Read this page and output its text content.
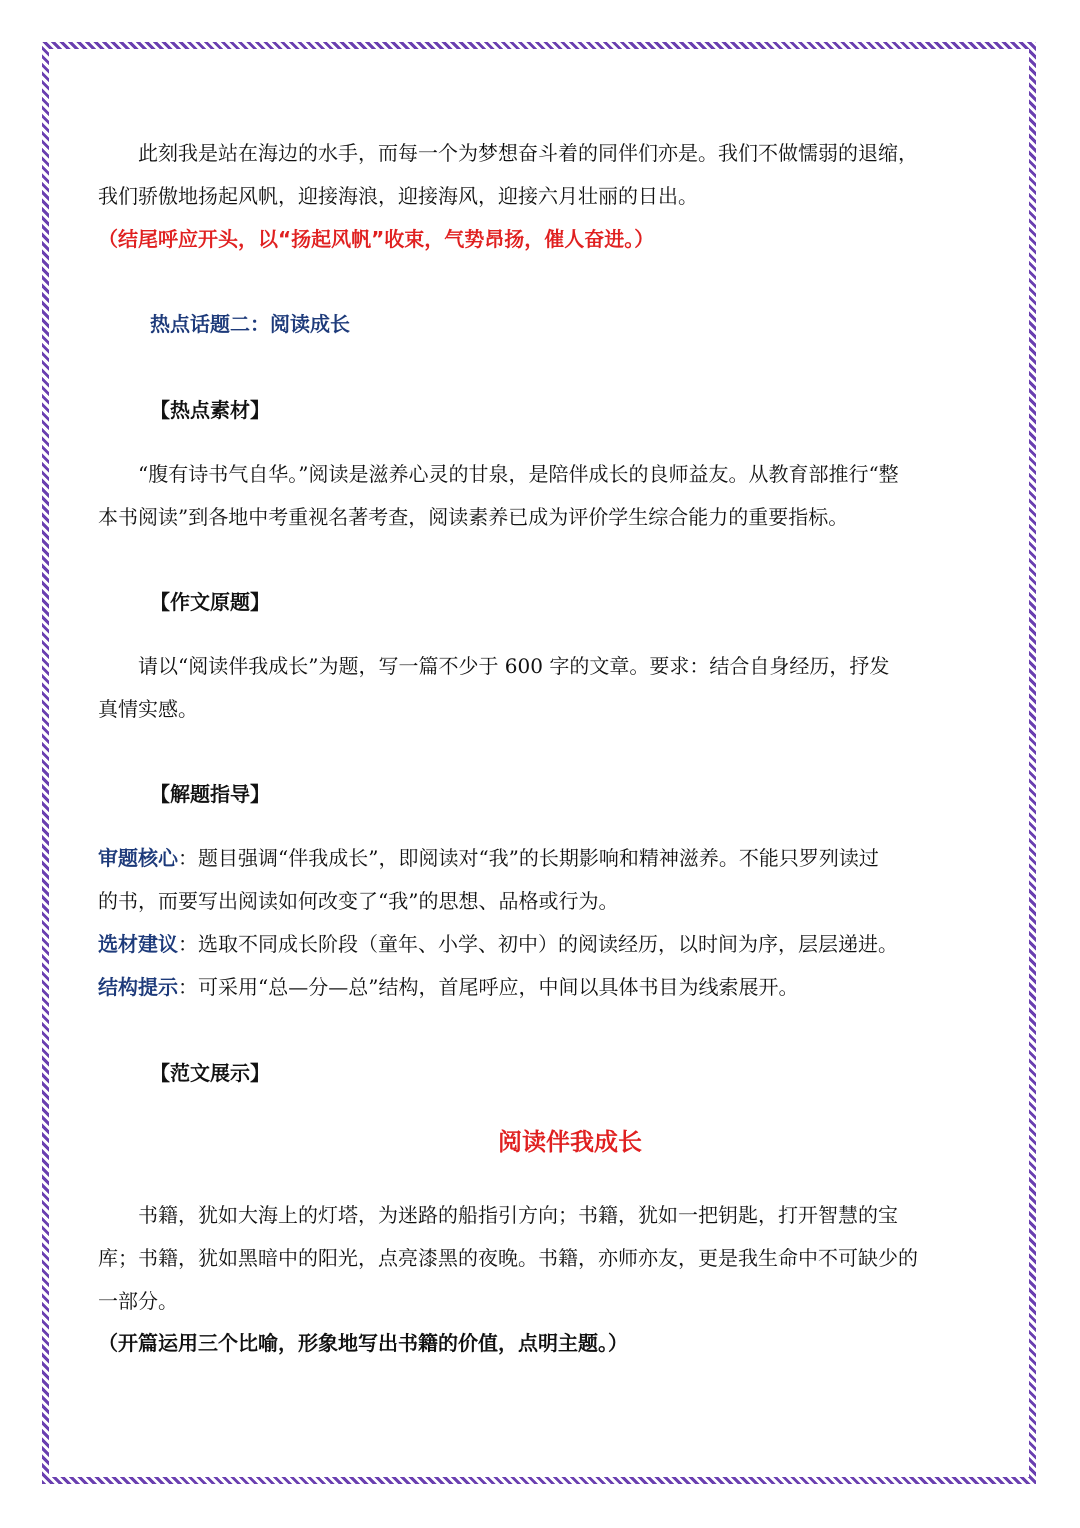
此刻我是站在海边的水手，而每一个为梦想奋斗着的同伴们亦是。我们不做懦弱的退缩，
我们骄傲地扬起风帆，迎接海浪，迎接海风，迎接六月壮丽的日出。
（结尾呼应开头，以“扬起风帆”收束，气势昂扬，催人奋进。）
热点话题二：阅读成长
【热点素材】
“腹有诗书气自华。”阅读是滋养心灵的甘泉，是陪伴成长的良师益友。从教育部推行“整
本书阅读”到各地中考重视名著考查，阅读素养已成为评价学生综合能力的重要指标。
【作文原题】
请以“阅读伴我成长”为题，写一篇不少于 600 字的文章。要求：结合自身经历，抒发
真情实感。
【解题指导】
审题核心：题目强调“伴我成长”，即阅读对“我”的长期影响和精神滋养。不能只罗列读过
的书，而要写出阅读如何改变了“我”的思想、品格或行为。
选材建议：选取不同成长阶段（童年、小学、初中）的阅读经历，以时间为序，层层递进。
结构提示：可采用“总—分—总”结构，首尾呼应，中间以具体书目为线索展开。
【范文展示】
阅读伴我成长
书籍，犹如大海上的灯塔，为迷路的船指引方向；书籍，犹如一把钥匙，打开智慧的宝
库；书籍，犹如黑暗中的阳光，点亮漆黑的夜晚。书籍，亦师亦友，更是我生命中不可缺少的
一部分。
（开篇运用三个比喻，形象地写出书籍的价值，点明主题。）
